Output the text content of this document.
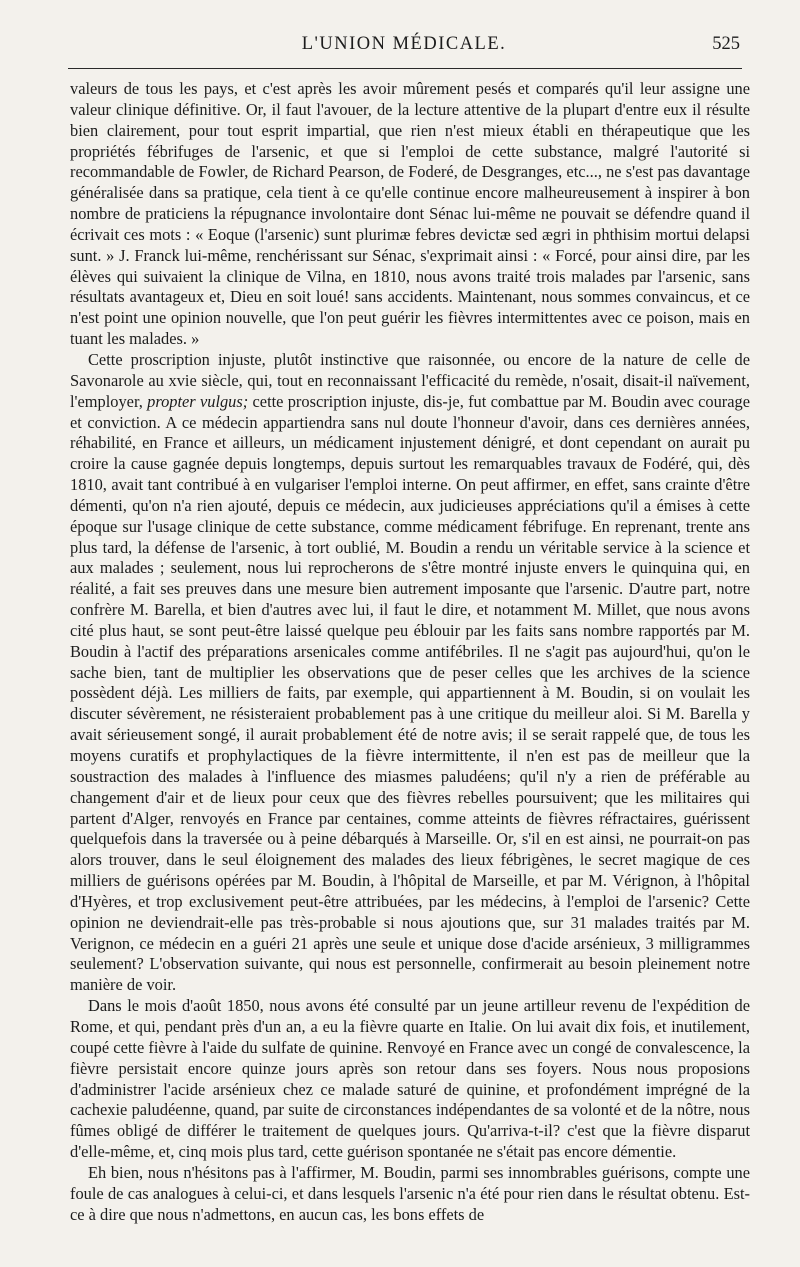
L'UNION MÉDICALE.	525

valeurs de tous les pays, et c'est après les avoir mûrement pesés et comparés qu'il leur assigne une valeur clinique définitive. Or, il faut l'avouer, de la lecture attentive de la plupart d'entre eux il résulte bien clairement, pour tout esprit impartial, que rien n'est mieux établi en thérapeutique que les propriétés fébrifuges de l'arsenic, et que si l'emploi de cette substance, malgré l'autorité si recommandable de Fowler, de Richard Pearson, de Foderé, de Desgranges, etc..., ne s'est pas davantage généralisée dans sa pratique, cela tient à ce qu'elle continue encore malheureusement à inspirer à bon nombre de praticiens la répugnance involontaire dont Sénac lui-même ne pouvait se défendre quand il écrivait ces mots : « Eoque (l'arsenic) sunt plurimæ febres devictæ sed ægri in phthisim mortui delapsi sunt. » J. Franck lui-même, renchérissant sur Sénac, s'exprimait ainsi : « Forcé, pour ainsi dire, par les élèves qui suivaient la clinique de Vilna, en 1810, nous avons traité trois malades par l'arsenic, sans résultats avantageux et, Dieu en soit loué! sans accidents. Maintenant, nous sommes convaincus, et ce n'est point une opinion nouvelle, que l'on peut guérir les fièvres intermittentes avec ce poison, mais en tuant les malades. »

Cette proscription injuste, plutôt instinctive que raisonnée, ou encore de la nature de celle de Savonarole au xvie siècle, qui, tout en reconnaissant l'efficacité du remède, n'osait, disait-il naïvement, l'employer, propter vulgus; cette proscription injuste, dis-je, fut combattue par M. Boudin avec courage et conviction. A ce médecin appartiendra sans nul doute l'honneur d'avoir, dans ces dernières années, réhabilité, en France et ailleurs, un médicament injustement dénigré, et dont cependant on aurait pu croire la cause gagnée depuis longtemps, depuis surtout les remarquables travaux de Fodéré, qui, dès 1810, avait tant contribué à en vulgariser l'emploi interne. On peut affirmer, en effet, sans crainte d'être démenti, qu'on n'a rien ajouté, depuis ce médecin, aux judicieuses appréciations qu'il a émises à cette époque sur l'usage clinique de cette substance, comme médicament fébrifuge. En reprenant, trente ans plus tard, la défense de l'arsenic, à tort oublié, M. Boudin a rendu un véritable service à la science et aux malades ; seulement, nous lui reprocherons de s'être montré injuste envers le quinquina qui, en réalité, a fait ses preuves dans une mesure bien autrement imposante que l'arsenic. D'autre part, notre confrère M. Barella, et bien d'autres avec lui, il faut le dire, et notamment M. Millet, que nous avons cité plus haut, se sont peut-être laissé quelque peu éblouir par les faits sans nombre rapportés par M. Boudin à l'actif des préparations arsenicales comme antifébriles. Il ne s'agit pas aujourd'hui, qu'on le sache bien, tant de multiplier les observations que de peser celles que les archives de la science possèdent déjà. Les milliers de faits, par exemple, qui appartiennent à M. Boudin, si on voulait les discuter sévèrement, ne résisteraient probablement pas à une critique du meilleur aloi. Si M. Barella y avait sérieusement songé, il aurait probablement été de notre avis; il se serait rappelé que, de tous les moyens curatifs et prophylactiques de la fièvre intermittente, il n'en est pas de meilleur que la soustraction des malades à l'influence des miasmes paludéens; qu'il n'y a rien de préférable au changement d'air et de lieux pour ceux que des fièvres rebelles poursuivent; que les militaires qui partent d'Alger, renvoyés en France par centaines, comme atteints de fièvres réfractaires, guérissent quelquefois dans la traversée ou à peine débarqués à Marseille. Or, s'il en est ainsi, ne pourrait-on pas alors trouver, dans le seul éloignement des malades des lieux fébrigènes, le secret magique de ces milliers de guérisons opérées par M. Boudin, à l'hôpital de Marseille, et par M. Vérignon, à l'hôpital d'Hyères, et trop exclusivement peut-être attribuées, par les médecins, à l'emploi de l'arsenic? Cette opinion ne deviendrait-elle pas très-probable si nous ajoutions que, sur 31 malades traités par M. Verignon, ce médecin en a guéri 21 après une seule et unique dose d'acide arsénieux, 3 milligrammes seulement? L'observation suivante, qui nous est personnelle, confirmerait au besoin pleinement notre manière de voir.

Dans le mois d'août 1850, nous avons été consulté par un jeune artilleur revenu de l'expédition de Rome, et qui, pendant près d'un an, a eu la fièvre quarte en Italie. On lui avait dix fois, et inutilement, coupé cette fièvre à l'aide du sulfate de quinine. Renvoyé en France avec un congé de convalescence, la fièvre persistait encore quinze jours après son retour dans ses foyers. Nous nous proposions d'administrer l'acide arsénieux chez ce malade saturé de quinine, et profondément imprégné de la cachexie paludéenne, quand, par suite de circonstances indépendantes de sa volonté et de la nôtre, nous fûmes obligé de différer le traitement de quelques jours. Qu'arriva-t-il? c'est que la fièvre disparut d'elle-même, et, cinq mois plus tard, cette guérison spontanée ne s'était pas encore démentie.

Eh bien, nous n'hésitons pas à l'affirmer, M. Boudin, parmi ses innombrables guérisons, compte une foule de cas analogues à celui-ci, et dans lesquels l'arsenic n'a été pour rien dans le résultat obtenu. Est-ce à dire que nous n'admettons, en aucun cas, les bons effets de
